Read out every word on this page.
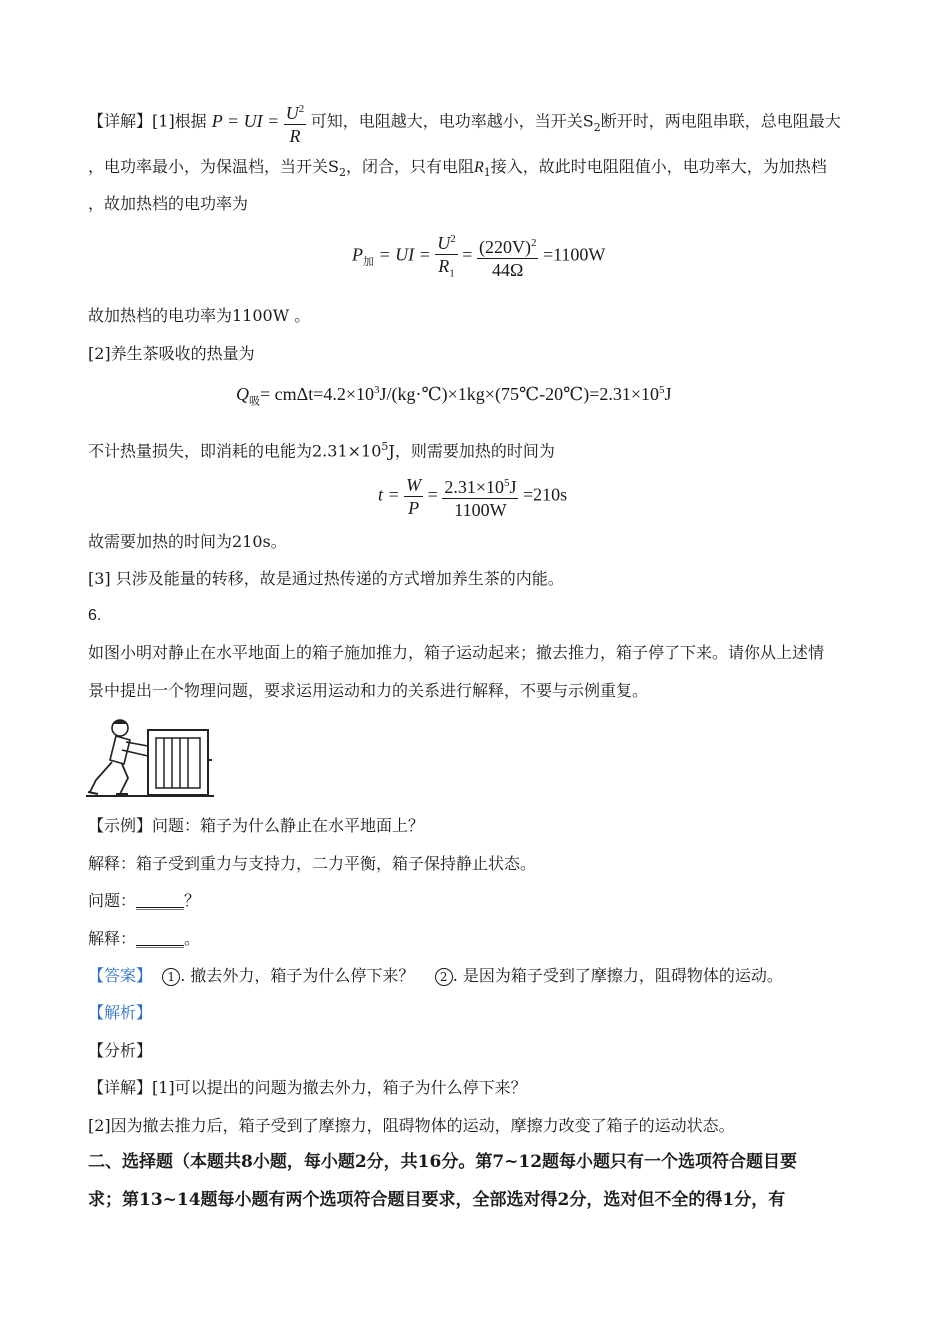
【详解】[1]根据 P = UI = $\frac{U^2}{R}$ 可知，电阻越大，电功率越小，当开关$S_2$断开时，两电阻串联，总电阻最大
，电功率最小，为保温档，当开关$S_2$，闭合，只有电阻$R_1$接入，故此时电阻阻值小，电功率大，为加热档
，故加热档的电功率为
$P_加$ = UI = $\frac{U^2}{R_1} = \frac{(220V)^2}{44\Omega} =1100W$
故加热档的电功率为1100W 。
[2]养生茶吸收的热量为
$Q_吸=$ $cm\Delta t=4.2\times 10^3J/(kg\cdot℃)\times 1kg\times(75℃-20℃)=2.31\times 10^5J$
不计热量损失，即消耗的电能为$2.31\times 10^5J$，则需要加热的时间为
$t = \frac{W}{P} = \frac{2.31\times 10^5J}{1100W} =210s$
故需要加热的时间为210s。
[3] 只涉及能量的转移，故是通过热传递的方式增加养生茶的内能。
6.
如图小明对静止在水平地面上的箱子施加推力，箱子运动起来；撤去推力，箱子停了下来。请你从上述情
景中提出一个物理问题，要求运用运动和力的关系进行解释，不要与示例重复。
【示例】问题：箱子为什么静止在水平地面上？
解释：箱子受到重力与支持力，二力平衡，箱子保持静止状态。
问题：______？
解释：______。
【答案】 1 . 撤去外力，箱子为什么停下来？ 2 . 是因为箱子受到了摩擦力，阻碍物体的运动。
【解析】
【分析】
【详解】[1]可以提出的问题为撤去外力，箱子为什么停下来？
[2]因为撤去推力后，箱子受到了摩擦力，阻碍物体的运动，摩擦力改变了箱子的运动状态。
二、选择题（本题共8小题，每小题2分，共16分。第7~12题每小题只有一个选项符合题目要
求；第13~14题每小题有两个选项符合题目要求，全部选对得2分，选对但不全的得1分，有
